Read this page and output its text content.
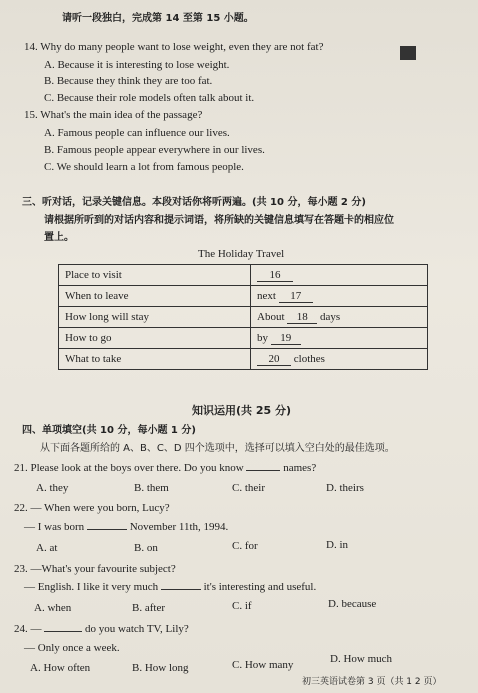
请听一段独白，完成第 14 至第 15 小题。
14. Why do many people want to lose weight, even they are not fat?
A. Because it is interesting to lose weight.
B. Because they think they are too fat.
C. Because their role models often talk about it.
15. What's the main idea of the passage?
A. Famous people can influence our lives.
B. Famous people appear everywhere in our lives.
C. We should learn a lot from famous people.
三、听对话，记录关键信息。本段对话你将听两遍。(共 10 分，每小题 2 分)
请根据所听到的对话内容和提示词语，将所缺的关键信息填写在答题卡的相应位
置上。
The Holiday Travel
Place to visit	16
When to leave	next 17
How long will stay	About 18 days
How to go	by 19
What to take	20 clothes
知识运用(共 25 分)
四、单项填空(共 10 分，每小题 1 分)
从下面各题所给的 A、B、C、D 四个选项中，选择可以填入空白处的最佳选项。
21. Please look at the boys over there. Do you know	names?
A. they	B. them	C. their	D. theirs
22. — When were you born, Lucy?
— I was born	November 11th, 1994.
A. at	B. on	C. for	D. in
23. —What's your favourite subject?
— English. I like it very much	it's interesting and useful.
A. when	B. after	C. if	D. because
24. —	do you watch TV, Lily?
— Only once a week.
A. How often	B. How long	C. How many	D. How much
初三英语试卷第 3 页（共 1 2 页）
